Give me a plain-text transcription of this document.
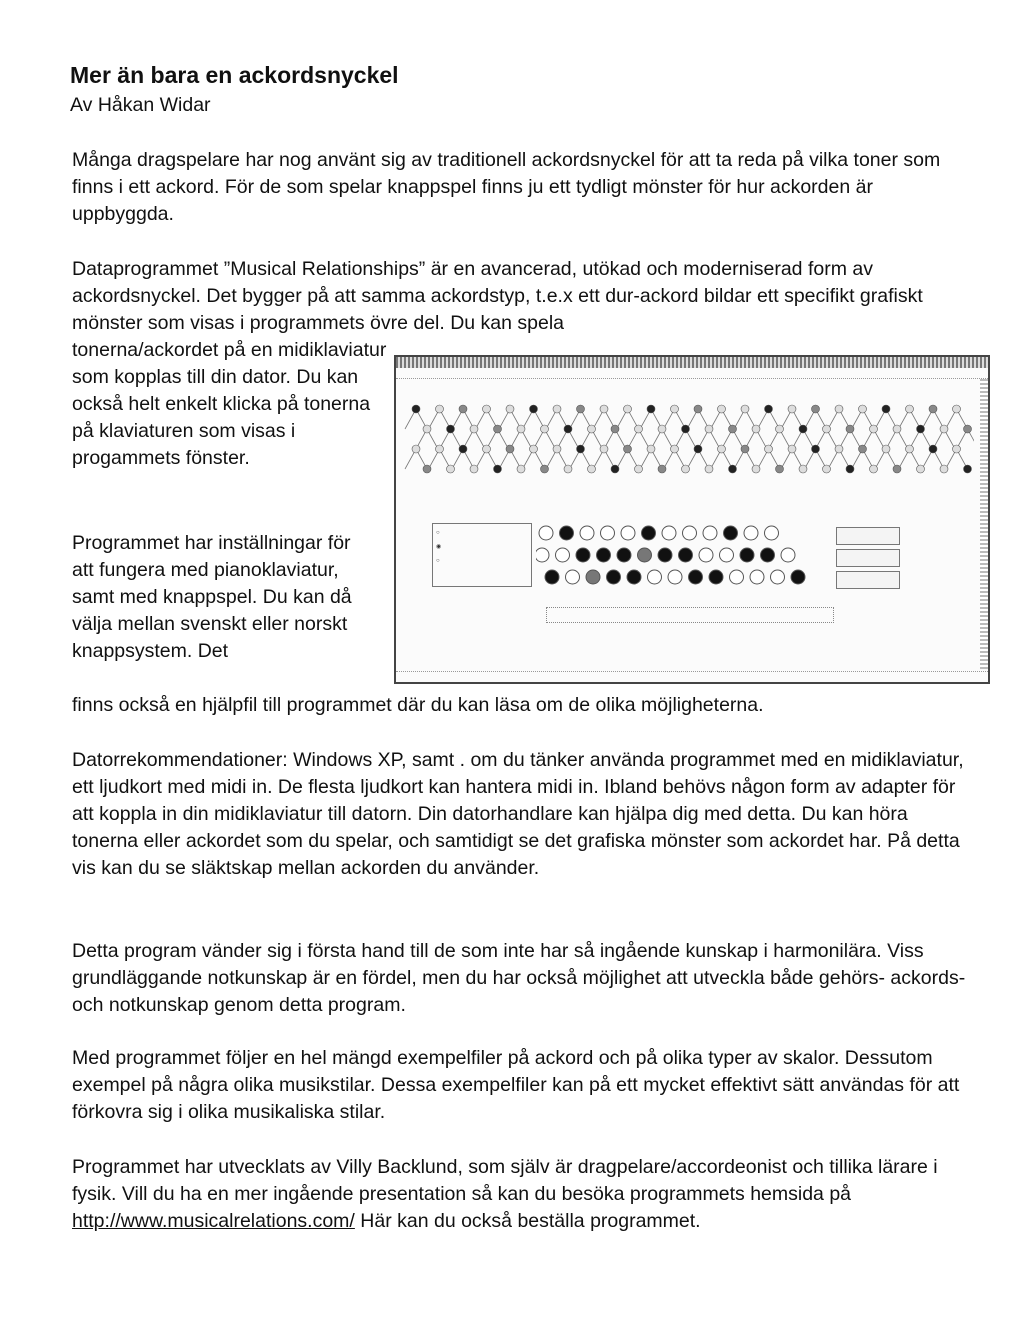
Mer än bara en ackordsnyckel
Av Håkan Widar

Många dragspelare har nog använt sig av traditionell ackordsnyckel för att ta reda på vilka toner som finns i ett ackord. För de som spelar knappspel finns ju ett tydligt mönster för hur ackorden är uppbyggda.

Dataprogrammet ”Musical Relationships” är en avancerad, utökad och moderniserad form av ackordsnyckel. Det bygger på att samma ackordstyp, t.e.x ett dur-ackord bildar ett specifikt grafiskt mönster som visas i programmets övre del. Du kan spela

tonerna/ackordet på en midiklaviatur som kopplas till din dator. Du kan också helt enkelt klicka på tonerna på klaviaturen som visas i progammets fönster.

Programmet har inställningar för att fungera med pianoklaviatur, samt med knappspel. Du kan då välja mellan svenskt eller norskt knappsystem. Det

finns också en hjälpfil till programmet där du kan läsa om de olika möjligheterna.

Datorrekommendationer: Windows XP, samt . om du tänker använda programmet med en midiklaviatur, ett ljudkort med midi in. De flesta ljudkort kan hantera midi in. Ibland behövs någon form av adapter för att koppla in din midiklaviatur till datorn. Din datorhandlare kan hjälpa dig med detta. Du kan höra tonerna eller ackordet som du spelar, och samtidigt se det grafiska mönster som ackordet har. På detta vis kan du se släktskap mellan ackorden du använder.

Detta program vänder sig i första hand till de som inte har så ingående kunskap i harmonilära. Viss grundläggande notkunskap är en fördel, men du har också möjlighet att utveckla både gehörs- ackords- och notkunskap genom detta program.

Med programmet följer en hel mängd exempelfiler på ackord och på olika typer av skalor. Dessutom exempel på några olika musikstilar. Dessa exempelfiler kan på ett mycket effektivt sätt användas för att förkovra sig i olika musikaliska stilar.

Programmet har utvecklats av Villy Backlund, som själv är dragpelare/accordeonist och tillika lärare i fysik. Vill du ha en mer ingående presentation så kan du besöka programmets hemsida på http://www.musicalrelations.com/ Här kan du också beställa programmet.

○
◉
○
